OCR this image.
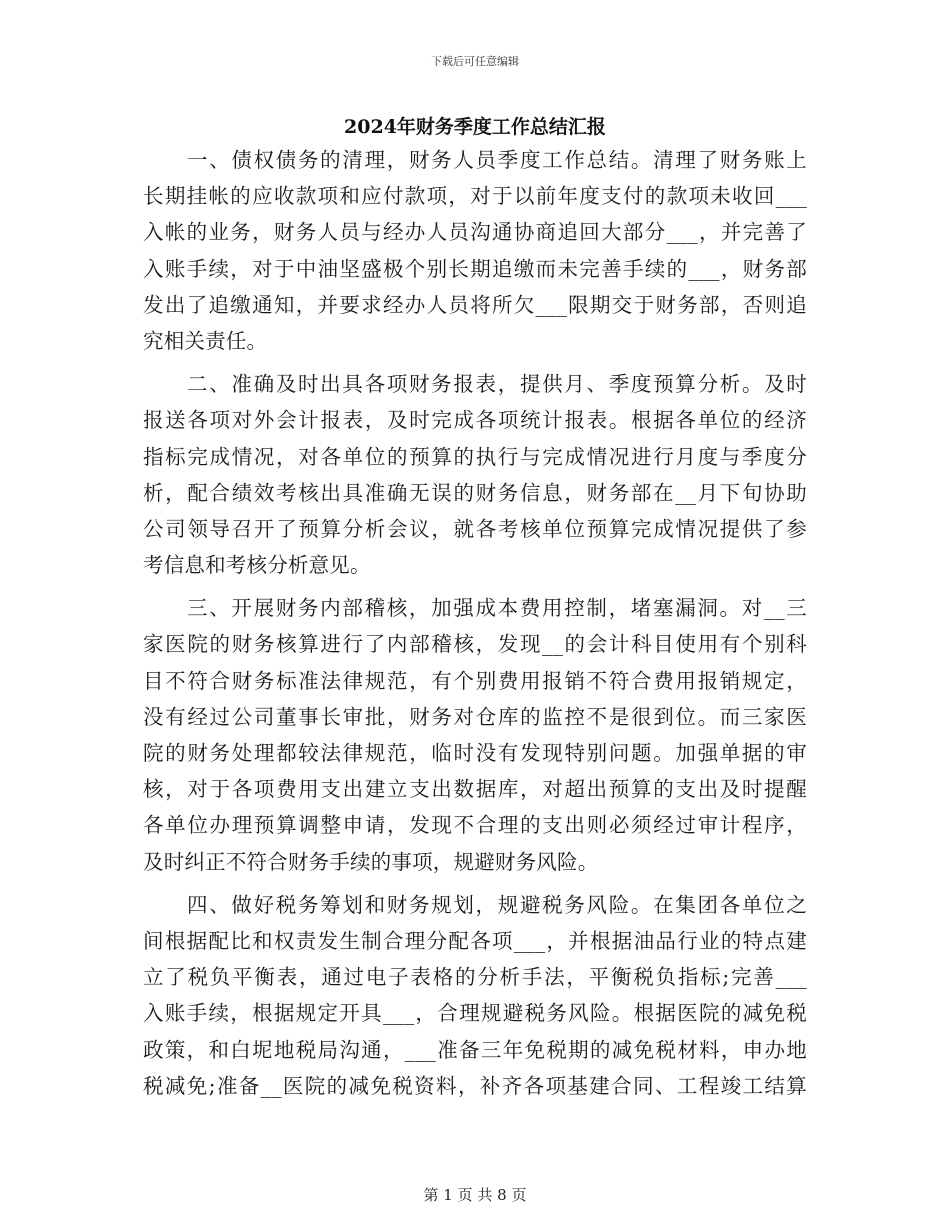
下载后可任意编辑
2024年财务季度工作总结汇报
一、债权债务的清理，财务人员季度工作总结。清理了财务账上
长期挂帐的应收款项和应付款项，对于以前年度支付的款项未收回___
入帐的业务，财务人员与经办人员沟通协商追回大部分___，并完善了
入账手续，对于中油坚盛极个别长期追缴而未完善手续的___，财务部
发出了追缴通知，并要求经办人员将所欠___限期交于财务部，否则追
究相关责任。
二、准确及时出具各项财务报表，提供月、季度预算分析。及时
报送各项对外会计报表，及时完成各项统计报表。根据各单位的经济
指标完成情况，对各单位的预算的执行与完成情况进行月度与季度分
析，配合绩效考核出具准确无误的财务信息，财务部在__月下旬协助
公司领导召开了预算分析会议，就各考核单位预算完成情况提供了参
考信息和考核分析意见。
三、开展财务内部稽核，加强成本费用控制，堵塞漏洞。对__三
家医院的财务核算进行了内部稽核，发现__的会计科目使用有个别科
目不符合财务标准法律规范，有个别费用报销不符合费用报销规定，
没有经过公司董事长审批，财务对仓库的监控不是很到位。而三家医
院的财务处理都较法律规范，临时没有发现特别问题。加强单据的审
核，对于各项费用支出建立支出数据库，对超出预算的支出及时提醒
各单位办理预算调整申请，发现不合理的支出则必须经过审计程序，
及时纠正不符合财务手续的事项，规避财务风险。
四、做好税务筹划和财务规划，规避税务风险。在集团各单位之
间根据配比和权责发生制合理分配各项___，并根据油品行业的特点建
立了税负平衡表，通过电子表格的分析手法，平衡税负指标;完善___
入账手续，根据规定开具___，合理规避税务风险。根据医院的减免税
政策，和白坭地税局沟通，___准备三年免税期的减免税材料，申办地
税减免;准备__医院的减免税资料，补齐各项基建合同、工程竣工结算
第 1 页 共 8 页
